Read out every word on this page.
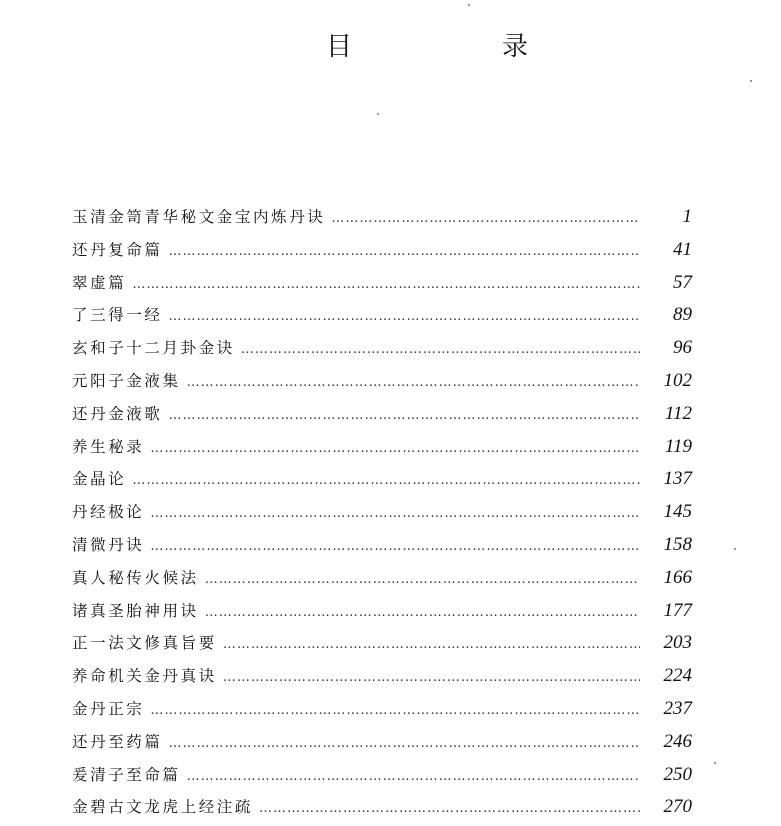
目　录
玉清金笥青华秘文金宝内炼丹诀 ………………………………………………………………………………………………………………………………	1
还丹复命篇 ………………………………………………………………………………………………………………………………	41
翠虚篇 ………………………………………………………………………………………………………………………………	57
了三得一经 ………………………………………………………………………………………………………………………………	89
玄和子十二月卦金诀 ………………………………………………………………………………………………………………………………	96
元阳子金液集 ………………………………………………………………………………………………………………………………	102
还丹金液歌 ………………………………………………………………………………………………………………………………	112
养生秘录 ………………………………………………………………………………………………………………………………	119
金晶论 ………………………………………………………………………………………………………………………………	137
丹经极论 ………………………………………………………………………………………………………………………………	145
清微丹诀 ………………………………………………………………………………………………………………………………	158
真人秘传火候法 ………………………………………………………………………………………………………………………………	166
诸真圣胎神用诀 ………………………………………………………………………………………………………………………………	177
正一法文修真旨要 ………………………………………………………………………………………………………………………………	203
养命机关金丹真诀 ………………………………………………………………………………………………………………………………	224
金丹正宗 ………………………………………………………………………………………………………………………………	237
还丹至药篇 ………………………………………………………………………………………………………………………………	246
爰清子至命篇 ………………………………………………………………………………………………………………………………	250
金碧古文龙虎上经注疏 ………………………………………………………………………………………………………………………………	270
